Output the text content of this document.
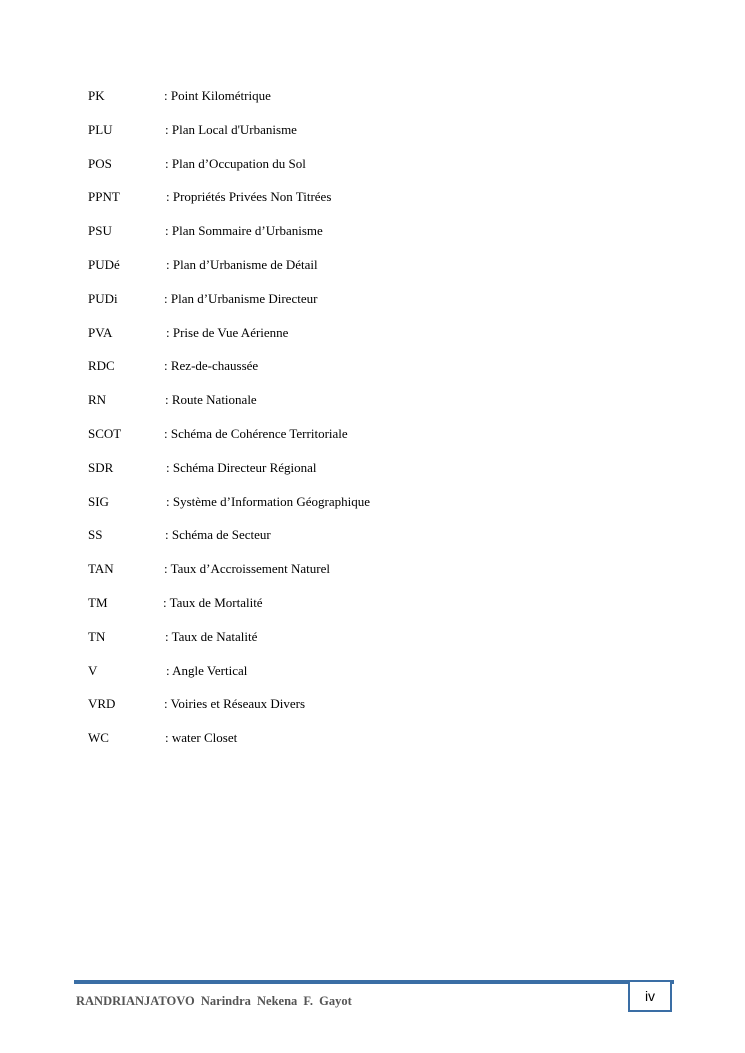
PK	: Point Kilométrique
PLU	: Plan Local d'Urbanisme
POS	: Plan d’Occupation du Sol
PPNT	: Propriétés Privées Non Titrées
PSU	: Plan Sommaire d’Urbanisme
PUDé	: Plan d’Urbanisme de Détail
PUDi	: Plan d’Urbanisme Directeur
PVA	: Prise de Vue Aérienne
RDC	: Rez-de-chaussée
RN	: Route Nationale
SCOT	: Schéma de Cohérence Territoriale
SDR	: Schéma Directeur Régional
SIG	: Système d’Information Géographique
SS	: Schéma de Secteur
TAN	: Taux d’Accroissement Naturel
TM	: Taux de Mortalité
TN	: Taux de Natalité
V	: Angle Vertical
VRD	: Voiries et Réseaux Divers
WC	: water Closet
iv
RANDRIANJATOVO Narindra Nekena F. Gayot
